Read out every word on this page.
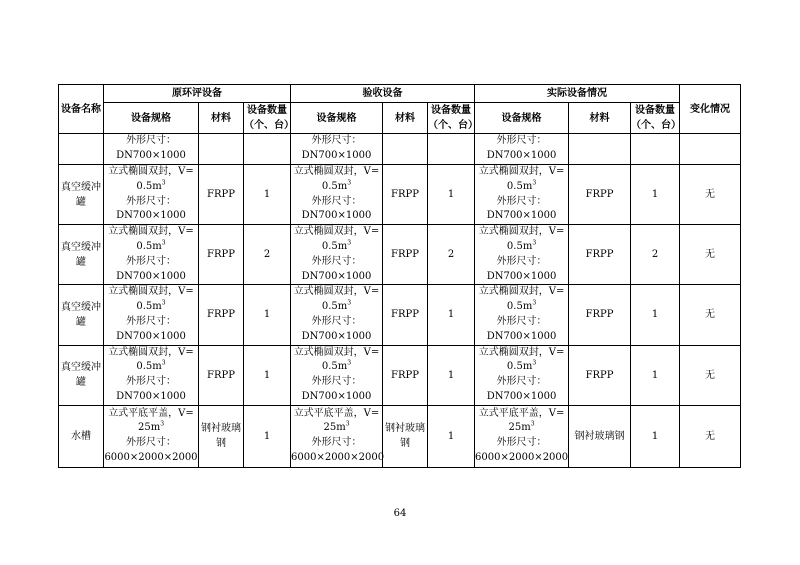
设备名称	原环评设备			验收设备			实际设备情况			变化情况
	设备规格	材料	设备数量（个、台）	设备规格	材料	设备数量（个、台）	设备规格	材料	设备数量（个、台）	

	外形尺寸：
DN700×1000			外形尺寸：
DN700×1000			外形尺寸：
DN700×1000			

真空缓冲
罐	立式椭圆双封，V=
$0.5m^3$
外形尺寸：
DN700×1000	FRPP	1	立式椭圆双封，V=
$0.5m^3$
外形尺寸：
DN700×1000	FRPP	1	立式椭圆双封，V=
$0.5m^3$
外形尺寸：
DN700×1000	FRPP	1	无

真空缓冲
罐	立式椭圆双封，V=
$0.5m^3$
外形尺寸：
DN700×1000	FRPP	2	立式椭圆双封，V=
$0.5m^3$
外形尺寸：
DN700×1000	FRPP	2	立式椭圆双封，V=
$0.5m^3$
外形尺寸：
DN700×1000	FRPP	2	无

真空缓冲
罐	立式椭圆双封，V=
$0.5m^3$
外形尺寸：
DN700×1000	FRPP	1	立式椭圆双封，V=
$0.5m^3$
外形尺寸：
DN700×1000	FRPP	1	立式椭圆双封，V=
$0.5m^3$
外形尺寸：
DN700×1000	FRPP	1	无

真空缓冲
罐	立式椭圆双封，V=
$0.5m^3$
外形尺寸：
DN700×1000	FRPP	1	立式椭圆双封，V=
$0.5m^3$
外形尺寸：
DN700×1000	FRPP	1	立式椭圆双封，V=
$0.5m^3$
外形尺寸：
DN700×1000	FRPP	1	无

水槽	立式平底平盖，V=
$25m^3$
外形尺寸：
6000×2000×2000	钢衬玻璃
钢	1	立式平底平盖，V=
$25m^3$
外形尺寸：
6000×2000×2000	钢衬玻璃
钢	1	立式平底平盖，V=
$25m^3$
外形尺寸：
6000×2000×2000	钢衬玻璃钢	1	无
64
